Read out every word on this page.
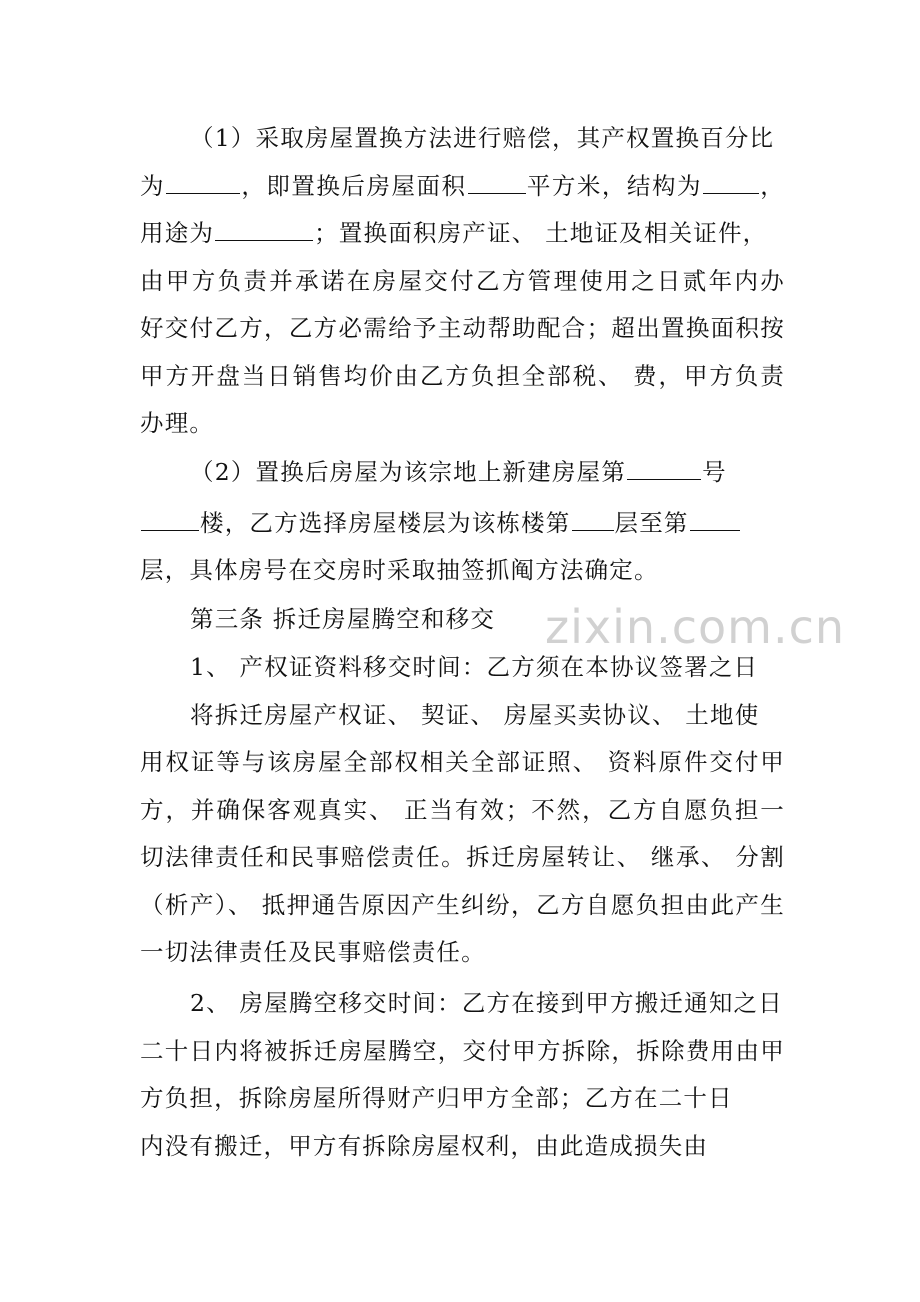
zixin.com.cn
（1）采取房屋置换方法进行赔偿，其产权置换百分比
为	，即置换后房屋面积	平方米，结构为 ，
用途为	；置换面积房产证、 土地证及相关证件，
由甲方负责并承诺在房屋交付乙方管理使用之日贰年内办
好交付乙方，乙方必需给予主动帮助配合；超出置换面积按
甲方开盘当日销售均价由乙方负担全部税、 费，甲方负责
办理。
（2）置换后房屋为该宗地上新建房屋第	号
楼，乙方选择房屋楼层为该栋楼第 层至第
层，具体房号在交房时采取抽签抓阄方法确定。
第三条 拆迁房屋腾空和移交
1、 产权证资料移交时间：乙方须在本协议签署之日
将拆迁房屋产权证、 契证、 房屋买卖协议、 土地使
用权证等与该房屋全部权相关全部证照、 资料原件交付甲
方，并确保客观真实、 正当有效；不然，乙方自愿负担一
切法律责任和民事赔偿责任。拆迁房屋转让、 继承、 分割
（析产）、 抵押通告原因产生纠纷，乙方自愿负担由此产生
一切法律责任及民事赔偿责任。
2、 房屋腾空移交时间：乙方在接到甲方搬迁通知之日
二十日内将被拆迁房屋腾空，交付甲方拆除，拆除费用由甲
方负担，拆除房屋所得财产归甲方全部；乙方在二十日
内没有搬迁，甲方有拆除房屋权利，由此造成损失由
